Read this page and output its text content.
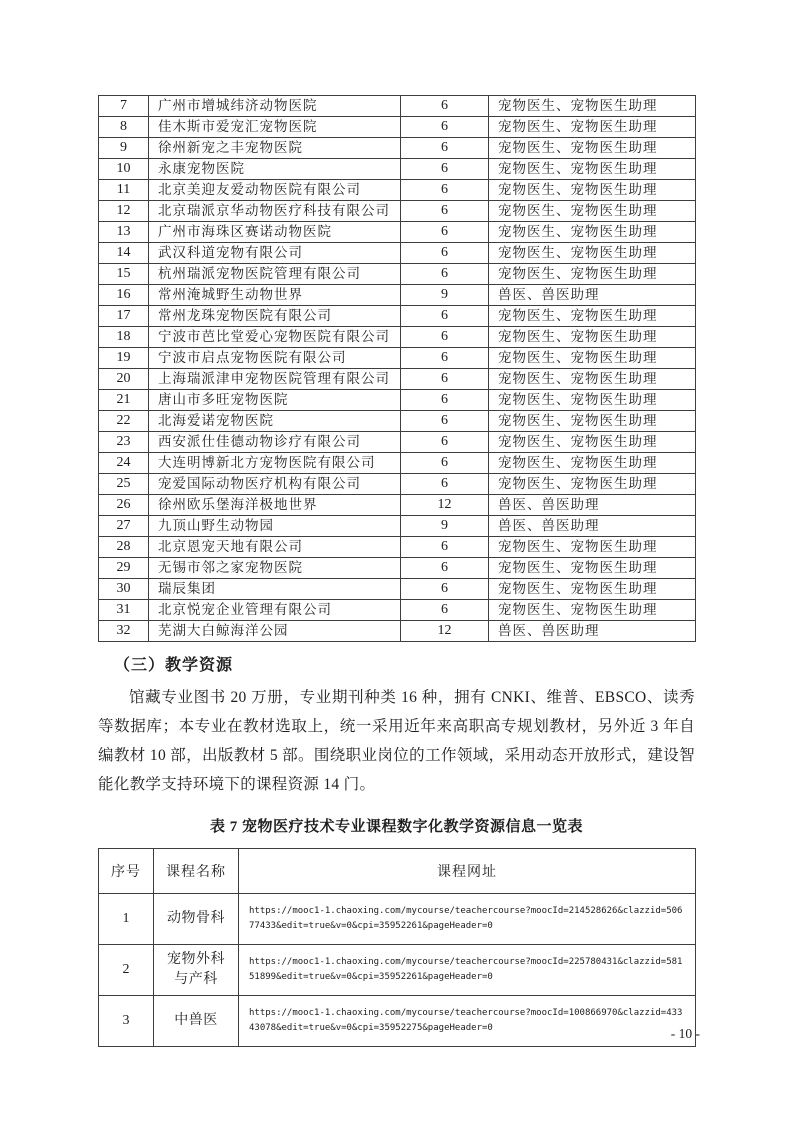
7	广州市增城纬济动物医院	6	宠物医生、宠物医生助理
8	佳木斯市爱宠汇宠物医院	6	宠物医生、宠物医生助理
9	徐州新宠之丰宠物医院	6	宠物医生、宠物医生助理
10	永康宠物医院	6	宠物医生、宠物医生助理
11	北京美迎友爱动物医院有限公司	6	宠物医生、宠物医生助理
12	北京瑞派京华动物医疗科技有限公司	6	宠物医生、宠物医生助理
13	广州市海珠区赛诺动物医院	6	宠物医生、宠物医生助理
14	武汉科道宠物有限公司	6	宠物医生、宠物医生助理
15	杭州瑞派宠物医院管理有限公司	6	宠物医生、宠物医生助理
16	常州淹城野生动物世界	9	兽医、兽医助理
17	常州龙珠宠物医院有限公司	6	宠物医生、宠物医生助理
18	宁波市芭比堂爱心宠物医院有限公司	6	宠物医生、宠物医生助理
19	宁波市启点宠物医院有限公司	6	宠物医生、宠物医生助理
20	上海瑞派津申宠物医院管理有限公司	6	宠物医生、宠物医生助理
21	唐山市多旺宠物医院	6	宠物医生、宠物医生助理
22	北海爱诺宠物医院	6	宠物医生、宠物医生助理
23	西安派仕佳德动物诊疗有限公司	6	宠物医生、宠物医生助理
24	大连明博新北方宠物医院有限公司	6	宠物医生、宠物医生助理
25	宠爱国际动物医疗机构有限公司	6	宠物医生、宠物医生助理
26	徐州欧乐堡海洋极地世界	12	兽医、兽医助理
27	九顶山野生动物园	9	兽医、兽医助理
28	北京恩宠天地有限公司	6	宠物医生、宠物医生助理
29	无锡市邻之家宠物医院	6	宠物医生、宠物医生助理
30	瑞辰集团	6	宠物医生、宠物医生助理
31	北京悦宠企业管理有限公司	6	宠物医生、宠物医生助理
32	芜湖大白鲸海洋公园	12	兽医、兽医助理
（三）教学资源

馆藏专业图书 20 万册，专业期刊种类 16 种，拥有 CNKI、维普、EBSCO、读秀等数据库；本专业在教材选取上，统一采用近年来高职高专规划教材，另外近 3 年自编教材 10 部，出版教材 5 部。围绕职业岗位的工作领域，采用动态开放形式，建设智能化教学支持环境下的课程资源 14 门。

表 7 宠物医疗技术专业课程数字化教学资源信息一览表
序号	课程名称	课程网址
1	动物骨科	https://mooc1-1.chaoxing.com/mycourse/teachercourse?moocId=214528626&clazzid=50677433&edit=true&v=0&cpi=35952261&pageHeader=0
2	宠物外科与产科	https://mooc1-1.chaoxing.com/mycourse/teachercourse?moocId=225780431&clazzid=58151899&edit=true&v=0&cpi=35952261&pageHeader=0
3	中兽医	https://mooc1-1.chaoxing.com/mycourse/teachercourse?moocId=100866970&clazzid=43343078&edit=true&v=0&cpi=35952275&pageHeader=0	- 10 -
